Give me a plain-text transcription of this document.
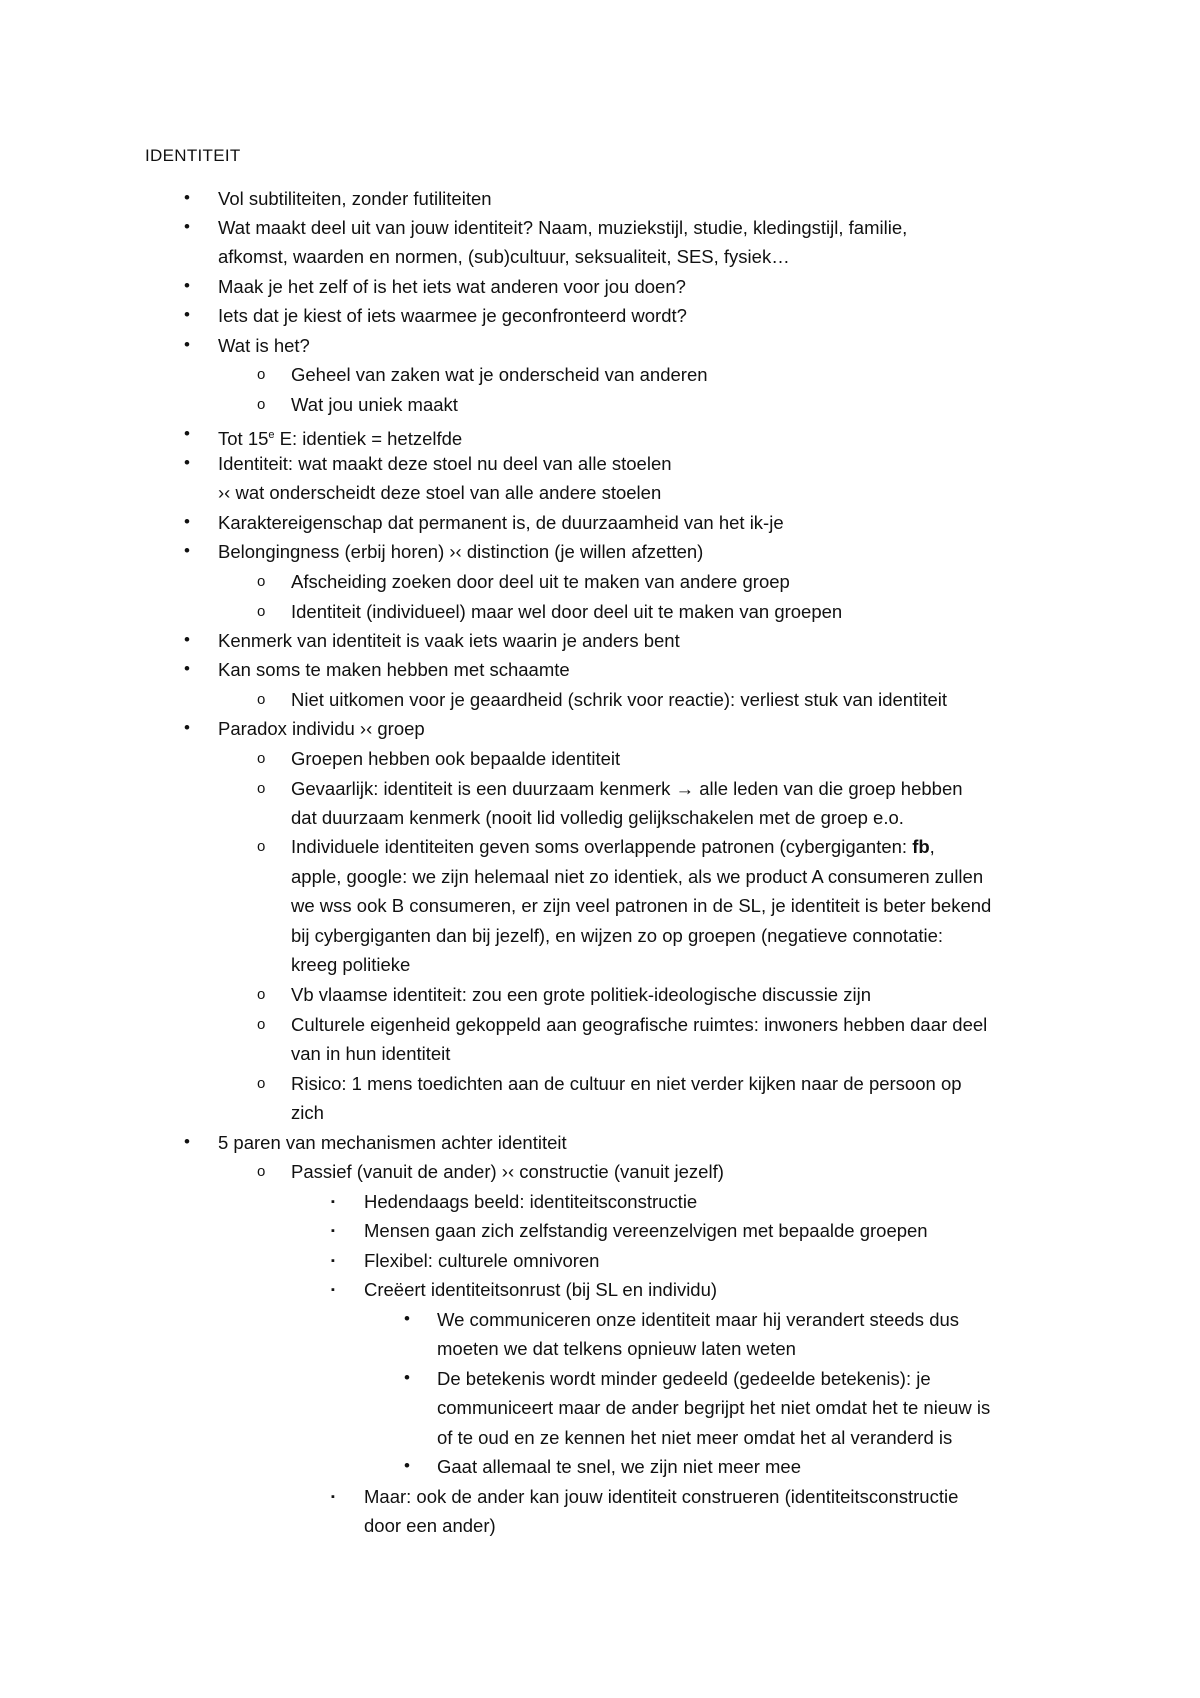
IDENTITEIT
• Vol subtiliteiten, zonder futiliteiten
• Wat maakt deel uit van jouw identiteit? Naam, muziekstijl, studie, kledingstijl, familie,
afkomst, waarden en normen, (sub)cultuur, seksualiteit, SES, fysiek…
• Maak je het zelf of is het iets wat anderen voor jou doen?
• Iets dat je kiest of iets waarmee je geconfronteerd wordt?
• Wat is het?
o Geheel van zaken wat je onderscheid van anderen
o Wat jou uniek maakt
• Tot 15e E: identiek = hetzelfde
• Identiteit: wat maakt deze stoel nu deel van alle stoelen
›‹ wat onderscheidt deze stoel van alle andere stoelen
• Karaktereigenschap dat permanent is, de duurzaamheid van het ik-je
• Belongingness (erbij horen) ›‹ distinction (je willen afzetten)
o Afscheiding zoeken door deel uit te maken van andere groep
o Identiteit (individueel) maar wel door deel uit te maken van groepen
• Kenmerk van identiteit is vaak iets waarin je anders bent
• Kan soms te maken hebben met schaamte
o Niet uitkomen voor je geaardheid (schrik voor reactie): verliest stuk van identiteit
• Paradox individu ›‹ groep
o Groepen hebben ook bepaalde identiteit
o Gevaarlijk: identiteit is een duurzaam kenmerk → alle leden van die groep hebben
dat duurzaam kenmerk (nooit lid volledig gelijkschakelen met de groep e.o.
o Individuele identiteiten geven soms overlappende patronen (cybergiganten: fb,
apple, google: we zijn helemaal niet zo identiek, als we product A consumeren zullen
we wss ook B consumeren, er zijn veel patronen in de SL, je identiteit is beter bekend
bij cybergiganten dan bij jezelf), en wijzen zo op groepen (negatieve connotatie:
kreeg politieke
o Vb vlaamse identiteit: zou een grote politiek-ideologische discussie zijn
o Culturele eigenheid gekoppeld aan geografische ruimtes: inwoners hebben daar deel
van in hun identiteit
o Risico: 1 mens toedichten aan de cultuur en niet verder kijken naar de persoon op
zich
• 5 paren van mechanismen achter identiteit
o Passief (vanuit de ander) ›‹ constructie (vanuit jezelf)
▪ Hedendaags beeld: identiteitsconstructie
▪ Mensen gaan zich zelfstandig vereenzelvigen met bepaalde groepen
▪ Flexibel: culturele omnivoren
▪ Creëert identiteitsonrust (bij SL en individu)
• We communiceren onze identiteit maar hij verandert steeds dus
moeten we dat telkens opnieuw laten weten
• De betekenis wordt minder gedeeld (gedeelde betekenis): je
communiceert maar de ander begrijpt het niet omdat het te nieuw is
of te oud en ze kennen het niet meer omdat het al veranderd is
• Gaat allemaal te snel, we zijn niet meer mee
▪ Maar: ook de ander kan jouw identiteit construeren (identiteitsconstructie
door een ander)
